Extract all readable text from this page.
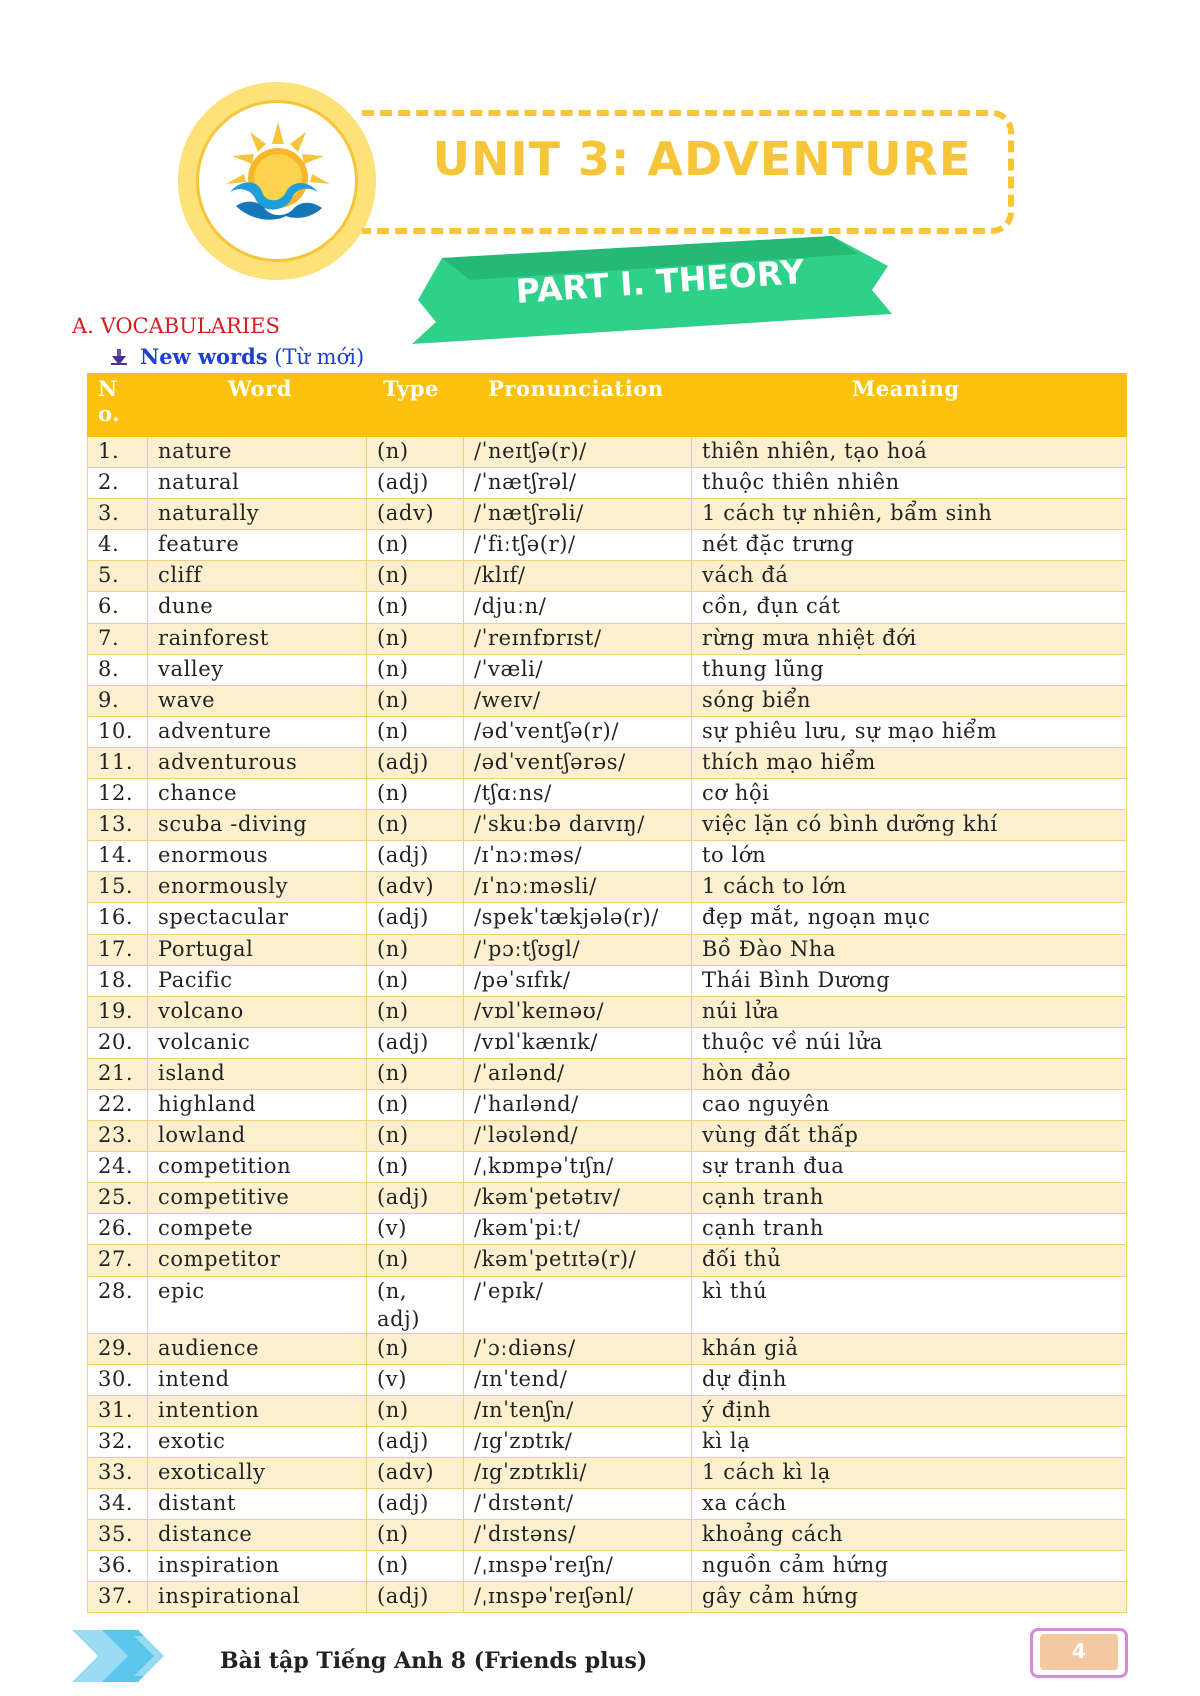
UNIT 3: ADVENTURE
PART I. THEORY
A. VOCABULARIES
New words (Từ mới)
No.	Word	Type	Pronunciation	Meaning
1.	nature	(n)	/ˈneɪtʃə(r)/	thiên nhiên, tạo hoá
2.	natural	(adj)	/ˈnætʃrəl/	thuộc thiên nhiên
3.	naturally	(adv)	/ˈnætʃrəli/	1 cách tự nhiên, bẩm sinh
4.	feature	(n)	/ˈfiːtʃə(r)/	nét đặc trưng
5.	cliff	(n)	/klɪf/	vách đá
6.	dune	(n)	/djuːn/	cồn, đụn cát
7.	rainforest	(n)	/ˈreɪnfɒrɪst/	rừng mưa nhiệt đới
8.	valley	(n)	/ˈvæli/	thung lũng
9.	wave	(n)	/weɪv/	sóng biển
10.	adventure	(n)	/ədˈventʃə(r)/	sự phiêu lưu, sự mạo hiểm
11.	adventurous	(adj)	/ədˈventʃərəs/	thích mạo hiểm
12.	chance	(n)	/tʃɑːns/	cơ hội
13.	scuba -diving	(n)	/ˈskuːbə daɪvɪŋ/	việc lặn có bình dưỡng khí
14.	enormous	(adj)	/ɪˈnɔːməs/	to lớn
15.	enormously	(adv)	/ɪˈnɔːməsli/	1 cách to lớn
16.	spectacular	(adj)	/spekˈtækjələ(r)/	đẹp mắt, ngoạn mục
17.	Portugal	(n)	/ˈpɔːtʃʊgl/	Bồ Đào Nha
18.	Pacific	(n)	/pəˈsɪfɪk/	Thái Bình Dương
19.	volcano	(n)	/vɒlˈkeɪnəʊ/	núi lửa
20.	volcanic	(adj)	/vɒlˈkænɪk/	thuộc về núi lửa
21.	island	(n)	/ˈaɪlənd/	hòn đảo
22.	highland	(n)	/ˈhaɪlənd/	cao nguyên
23.	lowland	(n)	/ˈləʊlənd/	vùng đất thấp
24.	competition	(n)	/ˌkɒmpəˈtɪʃn/	sự tranh đua
25.	competitive	(adj)	/kəmˈpetətɪv/	cạnh tranh
26.	compete	(v)	/kəmˈpiːt/	cạnh tranh
27.	competitor	(n)	/kəmˈpetɪtə(r)/	đối thủ
28.	epic	(n, adj)	/ˈepɪk/	kì thú
29.	audience	(n)	/ˈɔːdiəns/	khán giả
30.	intend	(v)	/ɪnˈtend/	dự định
31.	intention	(n)	/ɪnˈtenʃn/	ý định
32.	exotic	(adj)	/ɪgˈzɒtɪk/	kì lạ
33.	exotically	(adv)	/ɪgˈzɒtɪkli/	1 cách kì lạ
34.	distant	(adj)	/ˈdɪstənt/	xa cách
35.	distance	(n)	/ˈdɪstəns/	khoảng cách
36.	inspiration	(n)	/ˌɪnspəˈreɪʃn/	nguồn cảm hứng
37.	inspirational	(adj)	/ˌɪnspəˈreɪʃənl/	gây cảm hứng
Bài tập Tiếng Anh 8 (Friends plus)	4
